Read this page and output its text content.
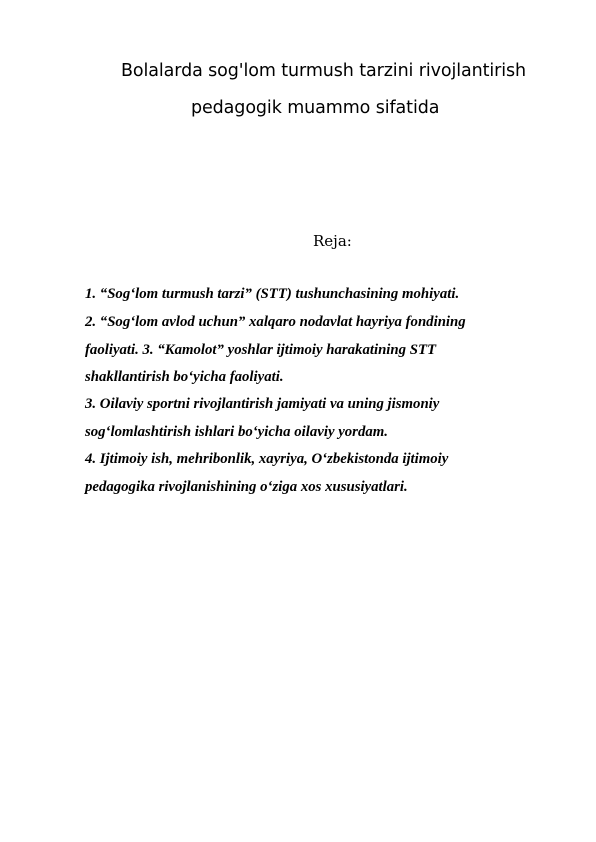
Bolalarda sog'lom turmush tarzini rivojlantirish
pedagogik muammo sifatida
Reja:
1. “Sog‘lom turmush tarzi” (STT) tushunchasining mohiyati.
2. “Sog‘lom avlod uchun” xalqaro nodavlat hayriya fondining
faoliyati. 3. “Kamolot” yoshlar ijtimoiy harakatining STT
shakllantirish bo‘yicha faoliyati.
3. Oilaviy sportni rivojlantirish jamiyati va uning jismoniy
sog‘lomlashtirish ishlari bo‘yicha oilaviy yordam.
4. Ijtimoiy ish, mehribonlik, xayriya, O‘zbekistonda ijtimoiy
pedagogika rivojlanishining o‘ziga xos xususiyatlari.
